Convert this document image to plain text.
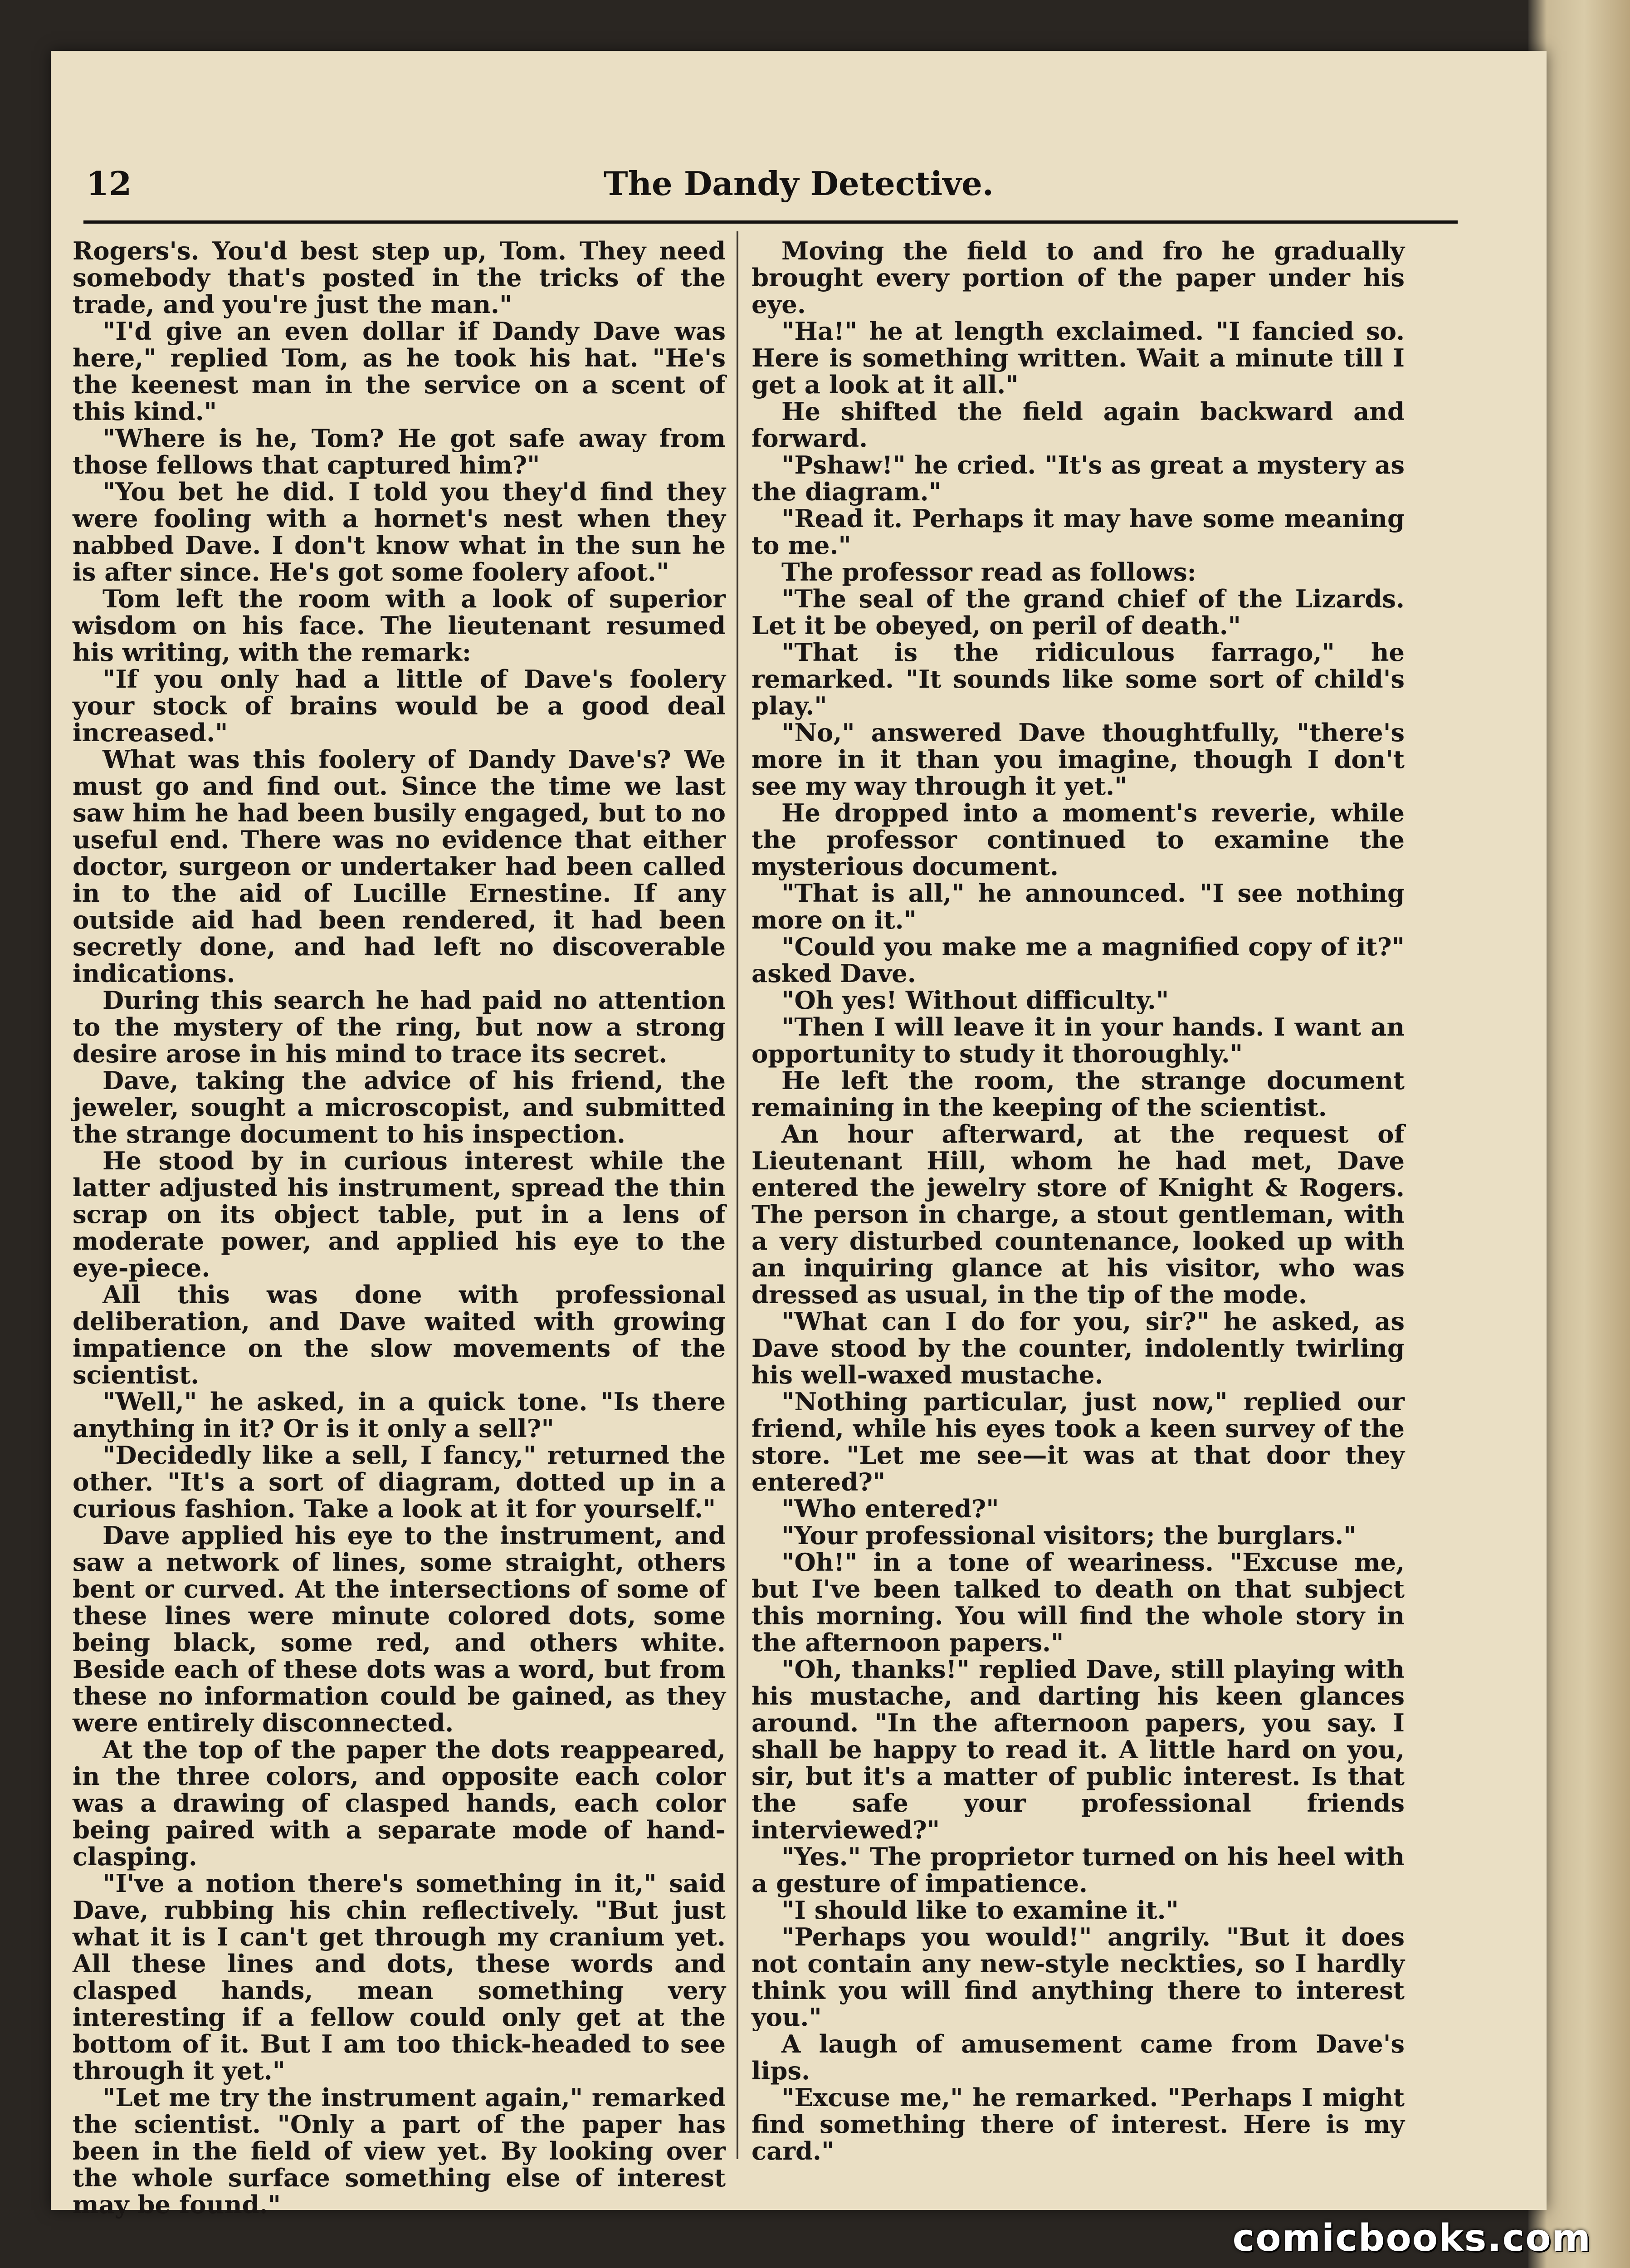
12	The Dandy Detective.

Rogers's. You'd best step up, Tom. They need somebody that's posted in the tricks of the trade, and you're just the man."

"I'd give an even dollar if Dandy Dave was here," replied Tom, as he took his hat. "He's the keenest man in the service on a scent of this kind."

"Where is he, Tom? He got safe away from those fellows that captured him?"

"You bet he did. I told you they'd find they were fooling with a hornet's nest when they nabbed Dave. I don't know what in the sun he is after since. He's got some foolery afoot."

Tom left the room with a look of superior wisdom on his face. The lieutenant resumed his writing, with the remark:

"If you only had a little of Dave's foolery your stock of brains would be a good deal increased."

What was this foolery of Dandy Dave's? We must go and find out. Since the time we last saw him he had been busily engaged, but to no useful end. There was no evidence that either doctor, surgeon or undertaker had been called in to the aid of Lucille Ernestine. If any outside aid had been rendered, it had been secretly done, and had left no discoverable indications.

During this search he had paid no attention to the mystery of the ring, but now a strong desire arose in his mind to trace its secret.

Dave, taking the advice of his friend, the jeweler, sought a microscopist, and submitted the strange document to his inspection.

He stood by in curious interest while the latter adjusted his instrument, spread the thin scrap on its object table, put in a lens of moderate power, and applied his eye to the eye-piece.

All this was done with professional deliberation, and Dave waited with growing impatience on the slow movements of the scientist.

"Well," he asked, in a quick tone. "Is there anything in it? Or is it only a sell?"

"Decidedly like a sell, I fancy," returned the other. "It's a sort of diagram, dotted up in a curious fashion. Take a look at it for yourself."

Dave applied his eye to the instrument, and saw a network of lines, some straight, others bent or curved. At the intersections of some of these lines were minute colored dots, some being black, some red, and others white. Beside each of these dots was a word, but from these no information could be gained, as they were entirely disconnected.

At the top of the paper the dots reappeared, in the three colors, and opposite each color was a drawing of clasped hands, each color being paired with a separate mode of hand-clasping.

"I've a notion there's something in it," said Dave, rubbing his chin reflectively. "But just what it is I can't get through my cranium yet. All these lines and dots, these words and clasped hands, mean something very interesting if a fellow could only get at the bottom of it. But I am too thick-headed to see through it yet."

"Let me try the instrument again," remarked the scientist. "Only a part of the paper has been in the field of view yet. By looking over the whole surface something else of interest may be found."

Moving the field to and fro he gradually brought every portion of the paper under his eye.

"Ha!" he at length exclaimed. "I fancied so. Here is something written. Wait a minute till I get a look at it all."

He shifted the field again backward and forward.

"Pshaw!" he cried. "It's as great a mystery as the diagram."

"Read it. Perhaps it may have some meaning to me."

The professor read as follows:

"The seal of the grand chief of the Lizards. Let it be obeyed, on peril of death."

"That is the ridiculous farrago," he remarked. "It sounds like some sort of child's play."

"No," answered Dave thoughtfully, "there's more in it than you imagine, though I don't see my way through it yet."

He dropped into a moment's reverie, while the professor continued to examine the mysterious document.

"That is all," he announced. "I see nothing more on it."

"Could you make me a magnified copy of it?" asked Dave.

"Oh yes! Without difficulty."

"Then I will leave it in your hands. I want an opportunity to study it thoroughly."

He left the room, the strange document remaining in the keeping of the scientist.

An hour afterward, at the request of Lieutenant Hill, whom he had met, Dave entered the jewelry store of Knight & Rogers. The person in charge, a stout gentleman, with a very disturbed countenance, looked up with an inquiring glance at his visitor, who was dressed as usual, in the tip of the mode.

"What can I do for you, sir?" he asked, as Dave stood by the counter, indolently twirling his well-waxed mustache.

"Nothing particular, just now," replied our friend, while his eyes took a keen survey of the store. "Let me see—it was at that door they entered?"

"Who entered?"

"Your professional visitors; the burglars."

"Oh!" in a tone of weariness. "Excuse me, but I've been talked to death on that subject this morning. You will find the whole story in the afternoon papers."

"Oh, thanks!" replied Dave, still playing with his mustache, and darting his keen glances around. "In the afternoon papers, you say. I shall be happy to read it. A little hard on you, sir, but it's a matter of public interest. Is that the safe your professional friends interviewed?"

"Yes." The proprietor turned on his heel with a gesture of impatience.

"I should like to examine it."

"Perhaps you would!" angrily. "But it does not contain any new-style neckties, so I hardly think you will find anything there to interest you."

A laugh of amusement came from Dave's lips.

"Excuse me," he remarked. "Perhaps I might find something there of interest. Here is my card."

comicbooks.com
